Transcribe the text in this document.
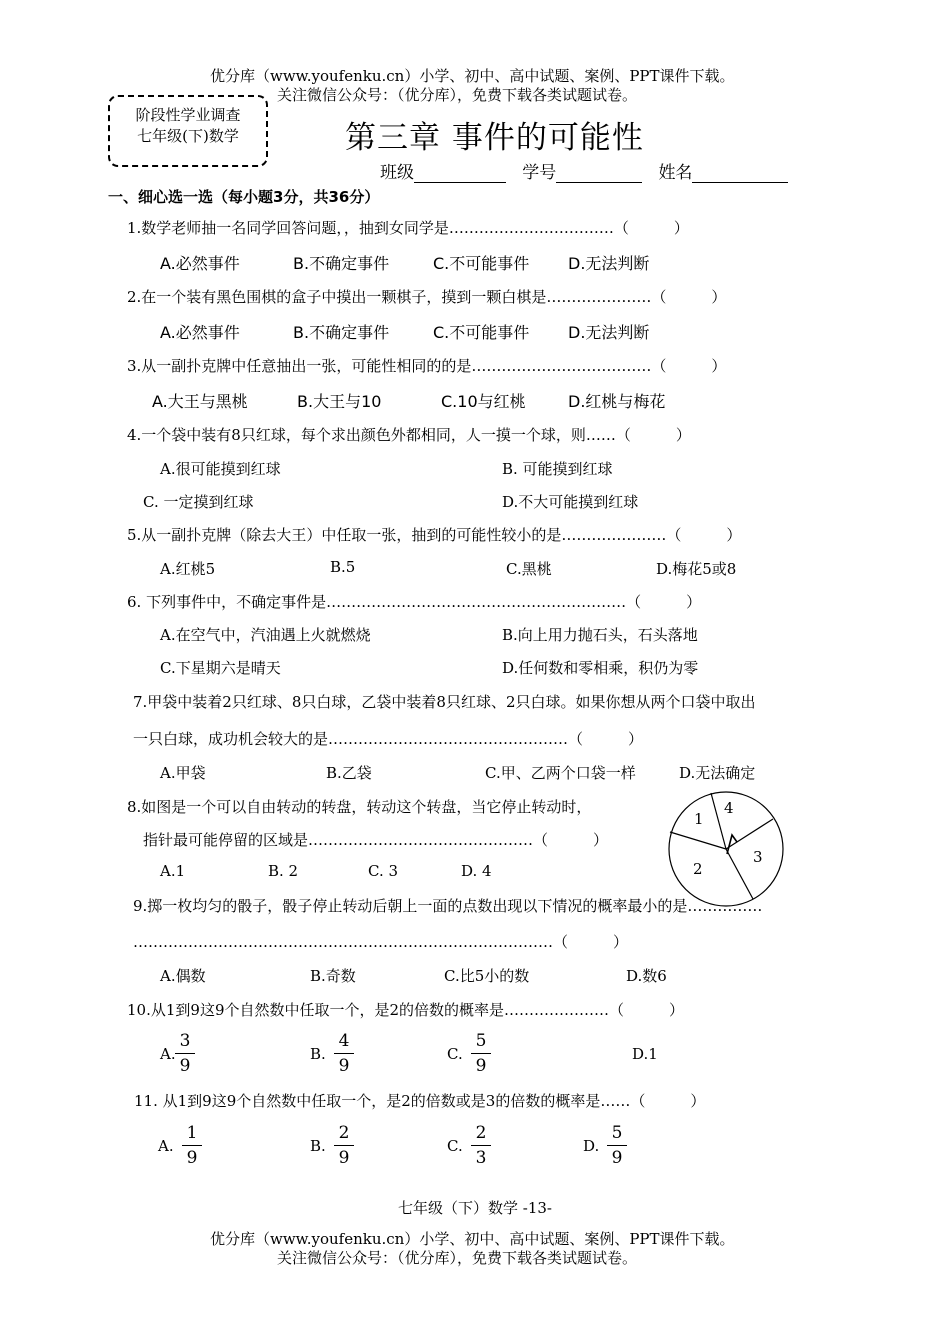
优分库（www.youfenku.cn）小学、初中、高中试题、案例、PPT课件下载。
关注微信公众号：（优分库），免费下载各类试题试卷。
阶段性学业调查
七年级(下)数学	第三章 事件的可能性
班级	学号	姓名
一、细心选一选（每小题3分，共36分）
1.数学老师抽一名同学回答问题，，抽到女同学是……………………………（　　　）
A.必然事件	B.不确定事件	C.不可能事件 D.无法判断
2.在一个装有黑色围棋的盒子中摸出一颗棋子，摸到一颗白棋是…………………（　　　）
A.必然事件	B.不确定事件	C.不可能事件 D.无法判断
3.从一副扑克牌中任意抽出一张，可能性相同的的是………………………………（　　　）
A.大王与黑桃	B.大王与10	C.10与红桃	D.红桃与梅花
4.一个袋中装有8只红球，每个求出颜色外都相同，人一摸一个球，则……（　　　）
A.很可能摸到红球	B. 可能摸到红球
C. 一定摸到红球	D.不大可能摸到红球
5.从一副扑克牌（除去大王）中任取一张，抽到的可能性较小的是…………………（　　　）
A.红桃5	B.5	C.黑桃	D.梅花5或8
6. 下列事件中，不确定事件是……………………………………………………（　　　）
A.在空气中，汽油遇上火就燃烧	B.向上用力抛石头，石头落地
C.下星期六是晴天	D.任何数和零相乘，积仍为零
7.甲袋中装着2只红球、8只白球，乙袋中装着8只红球、2只白球。如果你想从两个口袋中取出
一只白球，成功机会较大的是…………………………………………（　　　）
A.甲袋	B.乙袋	C.甲、乙两个口袋一样	D.无法确定
8.如图是一个可以自由转动的转盘，转动这个转盘，当它停止转动时，
指针最可能停留的区域是………………………………………（　　　）
A.1	B. 2	C. 3	D. 4
1
2
3
4
9.掷一枚均匀的骰子，骰子停止转动后朝上一面的点数出现以下情况的概率最小的是……………
…………………………………………………………………………（　　　）
A.偶数	B.奇数	C.比5小的数	D.数6
10.从1到9这9个自然数中任取一个，是2的倍数的概率是…………………（　　　）
A.
3
9
B.
4
9
C.
5
9
D.1
11. 从1到9这9个自然数中任取一个，是2的倍数或是3的倍数的概率是……（　　　）
A.
1
9
B.
2
9
C.
2
3
D.
5
9
七年级（下）数学 -13-
优分库（www.youfenku.cn）小学、初中、高中试题、案例、PPT课件下载。
关注微信公众号：（优分库），免费下载各类试题试卷。
